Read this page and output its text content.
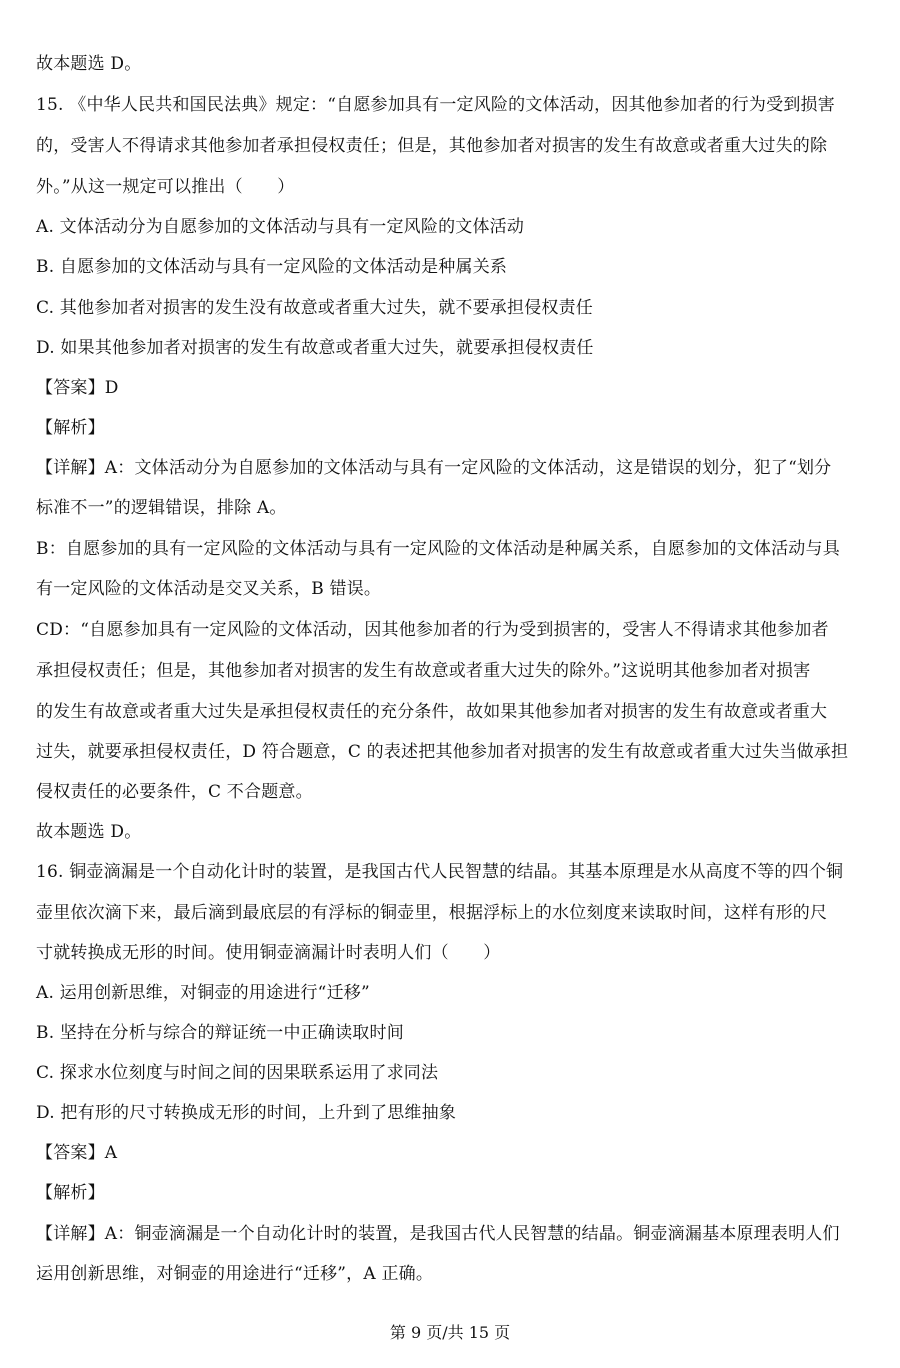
故本题选 D。
15. 《中华人民共和国民法典》规定：“自愿参加具有一定风险的文体活动，因其他参加者的行为受到损害
的，受害人不得请求其他参加者承担侵权责任；但是，其他参加者对损害的发生有故意或者重大过失的除
外。”从这一规定可以推出（　　）
A. 文体活动分为自愿参加的文体活动与具有一定风险的文体活动
B. 自愿参加的文体活动与具有一定风险的文体活动是种属关系
C. 其他参加者对损害的发生没有故意或者重大过失，就不要承担侵权责任
D. 如果其他参加者对损害的发生有故意或者重大过失，就要承担侵权责任
【答案】D
【解析】
【详解】A：文体活动分为自愿参加的文体活动与具有一定风险的文体活动，这是错误的划分，犯了“划分
标准不一”的逻辑错误，排除 A。
B：自愿参加的具有一定风险的文体活动与具有一定风险的文体活动是种属关系，自愿参加的文体活动与具
有一定风险的文体活动是交叉关系，B 错误。
CD：“自愿参加具有一定风险的文体活动，因其他参加者的行为受到损害的，受害人不得请求其他参加者
承担侵权责任；但是，其他参加者对损害的发生有故意或者重大过失的除外。”这说明其他参加者对损害
的发生有故意或者重大过失是承担侵权责任的充分条件，故如果其他参加者对损害的发生有故意或者重大
过失，就要承担侵权责任，D 符合题意，C 的表述把其他参加者对损害的发生有故意或者重大过失当做承担
侵权责任的必要条件，C 不合题意。
故本题选 D。
16. 铜壶滴漏是一个自动化计时的装置，是我国古代人民智慧的结晶。其基本原理是水从高度不等的四个铜
壶里依次滴下来，最后滴到最底层的有浮标的铜壶里，根据浮标上的水位刻度来读取时间，这样有形的尺
寸就转换成无形的时间。使用铜壶滴漏计时表明人们（　　）
A. 运用创新思维，对铜壶的用途进行“迁移”
B. 坚持在分析与综合的辩证统一中正确读取时间
C. 探求水位刻度与时间之间的因果联系运用了求同法
D. 把有形的尺寸转换成无形的时间，上升到了思维抽象
【答案】A
【解析】
【详解】A：铜壶滴漏是一个自动化计时的装置，是我国古代人民智慧的结晶。铜壶滴漏基本原理表明人们
运用创新思维，对铜壶的用途进行“迁移”，A 正确。
第 9 页/共 15 页
